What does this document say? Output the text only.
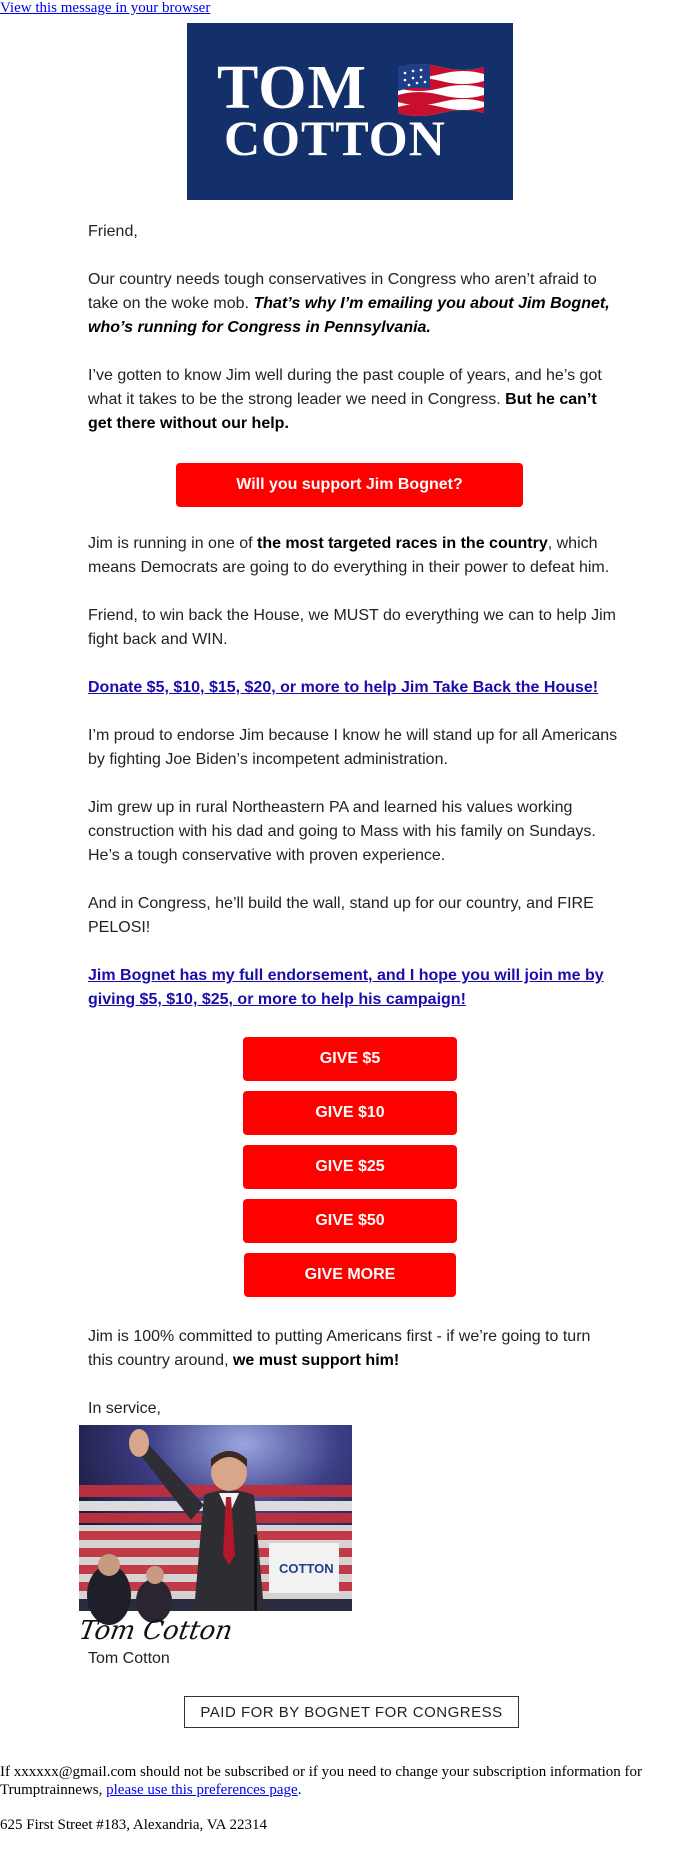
View this message in your browser
TOM
COTTON

Friend,

Our country needs tough conservatives in Congress who aren’t afraid to take on the woke mob. That’s why I’m emailing you about Jim Bognet, who’s running for Congress in Pennsylvania.

I’ve gotten to know Jim well during the past couple of years, and he’s got what it takes to be the strong leader we need in Congress. But he can’t get there without our help.

Jim is running in one of the most targeted races in the country, which means Democrats are going to do everything in their power to defeat him.

Friend, to win back the House, we MUST do everything we can to help Jim fight back and WIN.

Donate $5, $10, $15, $20, or more to help Jim Take Back the House!

I’m proud to endorse Jim because I know he will stand up for all Americans by fighting Joe Biden’s incompetent administration.

Jim grew up in rural Northeastern PA and learned his values working construction with his dad and going to Mass with his family on Sundays. He’s a tough conservative with proven experience.

And in Congress, he’ll build the wall, stand up for our country, and FIRE PELOSI!

Jim Bognet has my full endorsement, and I hope you will join me by giving $5, $10, $25, or more to help his campaign!

Jim is 100% committed to putting Americans first - if we’re going to turn this country around, we must support him!

In service,

Will you support Jim Bognet?
GIVE $5
GIVE $10
GIVE $25
GIVE $50
GIVE MORE
COTTON
Tom Cotton
Tom Cotton
PAID FOR BY BOGNET FOR CONGRESS

If xxxxxx@gmail.com should not be subscribed or if you need to change your subscription information for Trumptrainnews, please use this preferences page.

625 First Street #183, Alexandria, VA 22314
